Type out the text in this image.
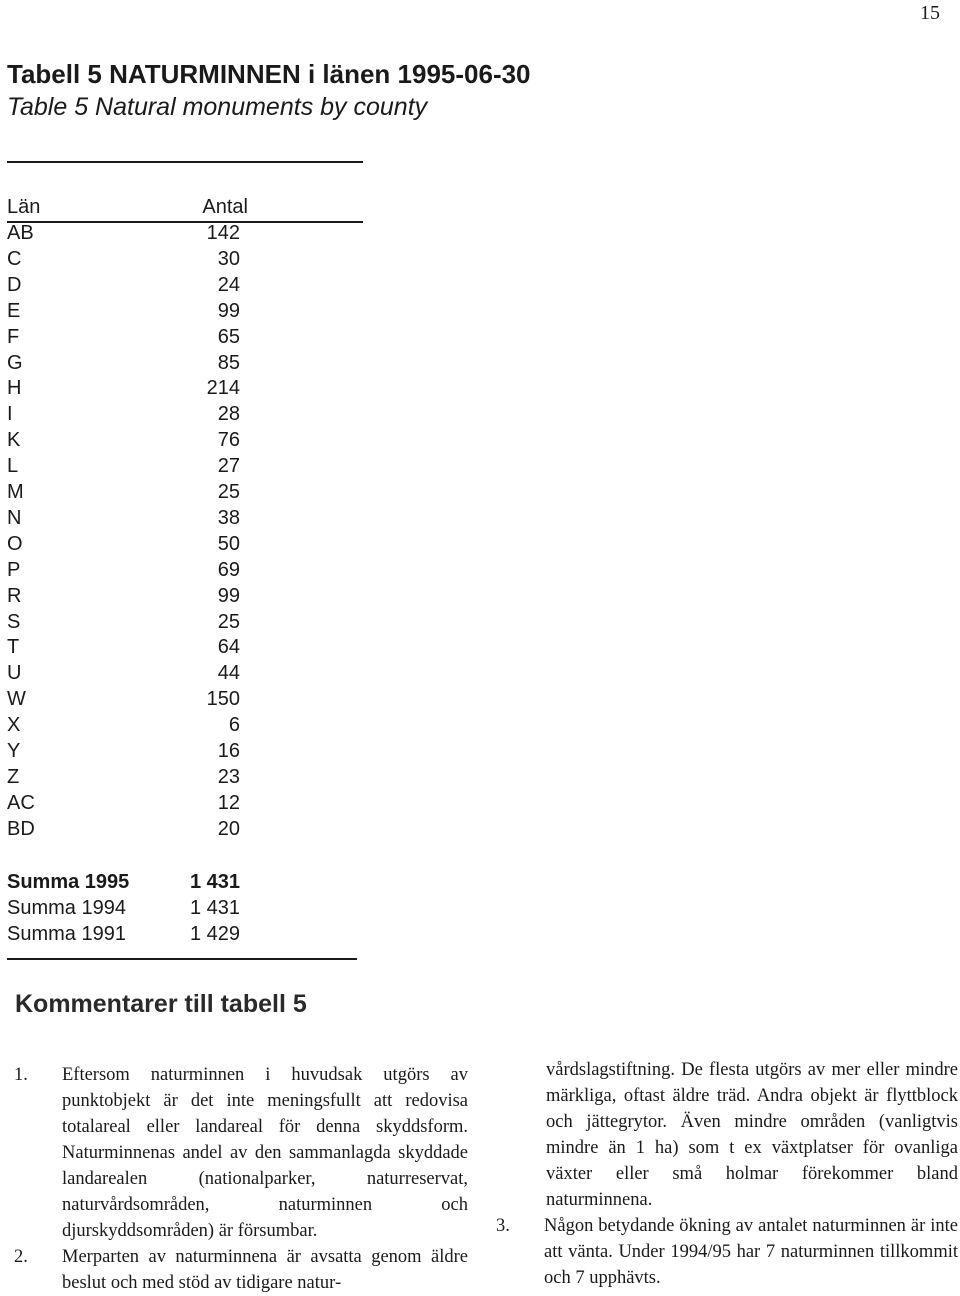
15
Tabell 5 NATURMINNEN i länen 1995-06-30
Table 5 Natural monuments by county
Län	Antal
AB	142
C	30
D	24
E	99
F	65
G	85
H	214
I	28
K	76
L	27
M	25
N	38
O	50
P	69
R	99
S	25
T	64
U	44
W	150
X	6
Y	16
Z	23
AC	12
BD	20
Summa 1995	1 431
Summa 1994	1 431
Summa 1991	1 429
Kommentarer till tabell 5
1. Eftersom naturminnen i huvudsak utgörs av punktobjekt är det inte meningsfullt att redovisa totalareal eller landareal för denna skyddsform. Naturminnenas andel av den sammanlagda skyddade landarealen (nationalparker, naturreservat, naturvårdsområden, naturminnen och djurskyddsområden) är försumbar.
2. Merparten av naturminnena är avsatta genom äldre beslut och med stöd av tidigare natur-
vårdslagstiftning. De flesta utgörs av mer eller mindre märkliga, oftast äldre träd. Andra objekt är flyttblock och jättegrytor. Även mindre områden (vanligtvis mindre än 1 ha) som t ex växtplatser för ovanliga växter eller små holmar förekommer bland naturminnena.
3. Någon betydande ökning av antalet naturminnen är inte att vänta. Under 1994/95 har 7 naturminnen tillkommit och 7 upphävts.
